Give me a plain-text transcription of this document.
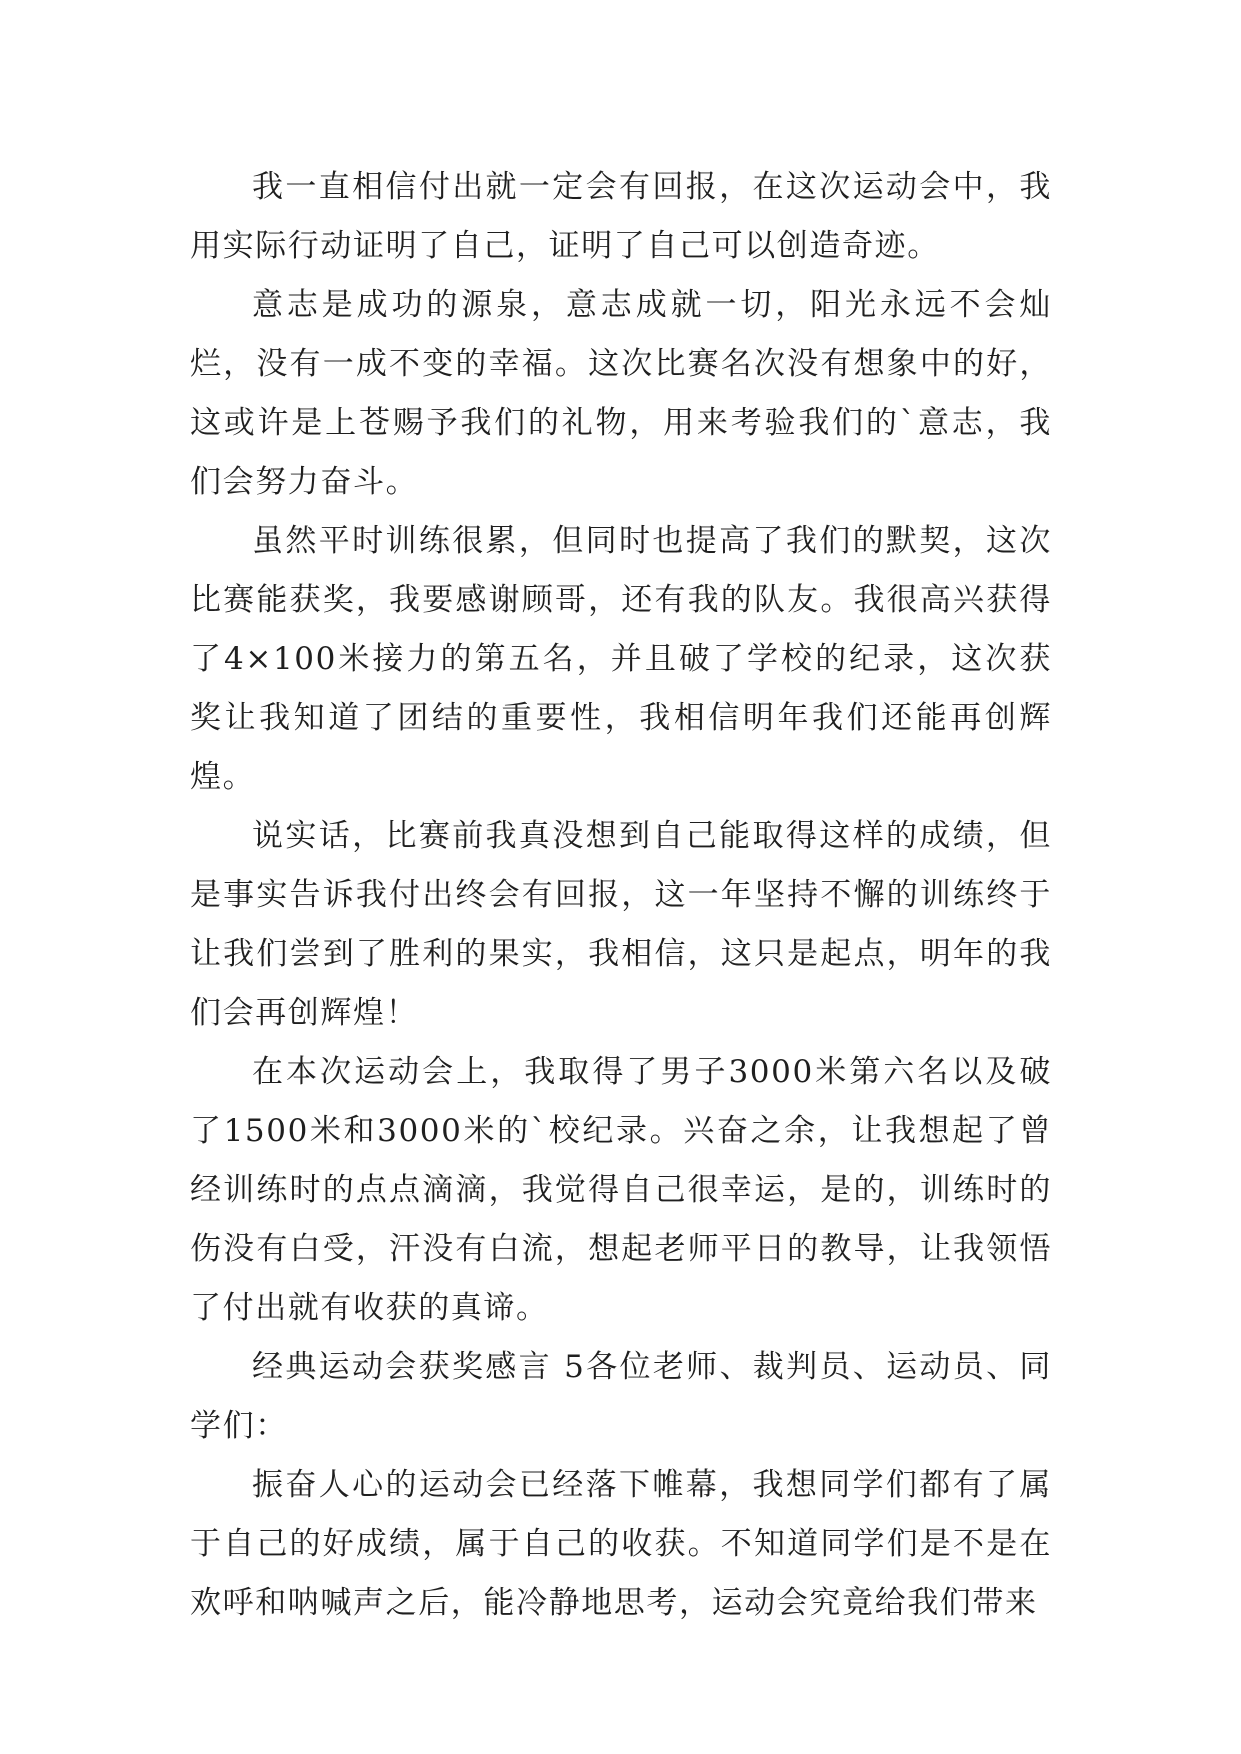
我一直相信付出就一定会有回报，在这次运动会中，我用实际行动证明了自己，证明了自己可以创造奇迹。

意志是成功的源泉，意志成就一切，阳光永远不会灿烂，没有一成不变的幸福。这次比赛名次没有想象中的好，这或许是上苍赐予我们的礼物，用来考验我们的`意志，我们会努力奋斗。

虽然平时训练很累，但同时也提高了我们的默契，这次比赛能获奖，我要感谢顾哥，还有我的队友。我很高兴获得了4×100米接力的第五名，并且破了学校的纪录，这次获奖让我知道了团结的重要性，我相信明年我们还能再创辉煌。

说实话，比赛前我真没想到自己能取得这样的成绩，但是事实告诉我付出终会有回报，这一年坚持不懈的训练终于让我们尝到了胜利的果实，我相信，这只是起点，明年的我们会再创辉煌！

在本次运动会上，我取得了男子3000米第六名以及破了1500米和3000米的`校纪录。兴奋之余，让我想起了曾经训练时的点点滴滴，我觉得自己很幸运，是的，训练时的伤没有白受，汗没有白流，想起老师平日的教导，让我领悟了付出就有收获的真谛。

经典运动会获奖感言 5各位老师、裁判员、运动员、同学们：

振奋人心的运动会已经落下帷幕，我想同学们都有了属于自己的好成绩，属于自己的收获。不知道同学们是不是在欢呼和呐喊声之后，能冷静地思考，运动会究竟给我们带来
